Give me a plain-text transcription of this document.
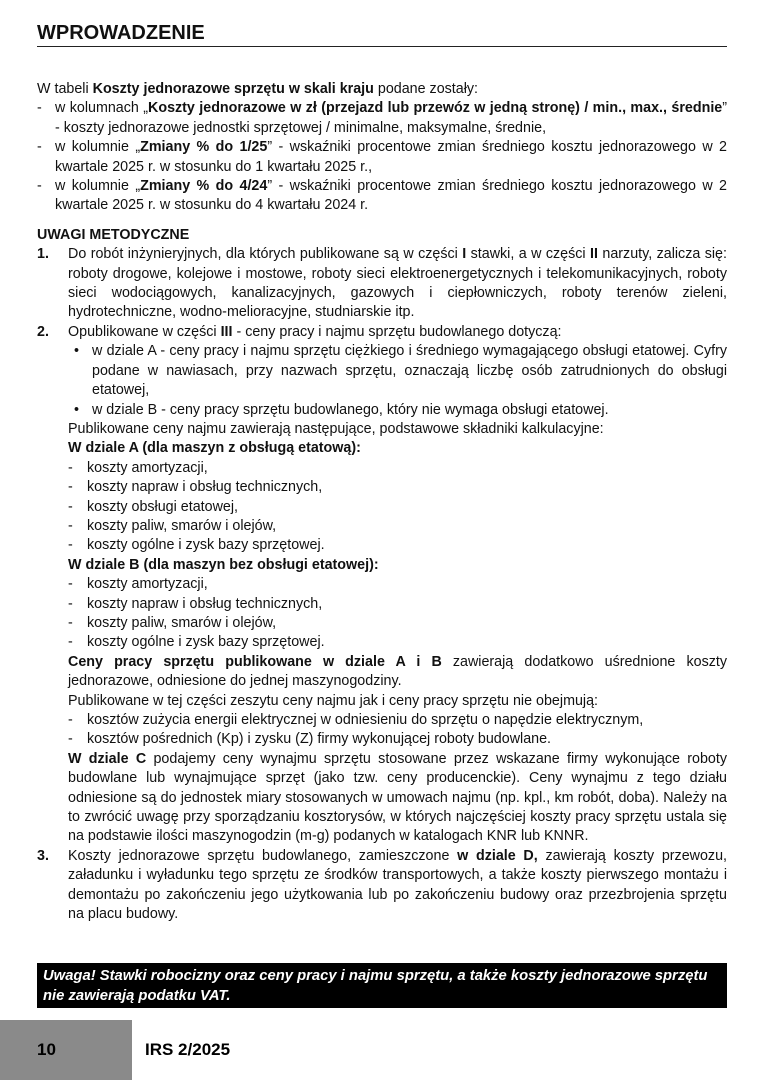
WPROWADZENIE

W tabeli Koszty jednorazowe sprzętu w skali kraju podane zostały:

- w kolumnach „Koszty jednorazowe w zł (przejazd lub przewóz w jedną stronę) / min., max., średnie” - koszty jednorazowe jednostki sprzętowej / minimalne, maksymalne, średnie,
- w kolumnie „Zmiany % do 1/25” - wskaźniki procentowe zmian średniego kosztu jednorazowego w 2 kwartale 2025 r. w stosunku do 1 kwartału 2025 r.,
- w kolumnie „Zmiany % do 4/24” - wskaźniki procentowe zmian średniego kosztu jednorazowego w 2 kwartale 2025 r. w stosunku do 4 kwartału 2024 r.
UWAGI METODYCZNE
1.	Do robót inżynieryjnych, dla których publikowane są w części I stawki, a w części II narzuty, zalicza się: roboty drogowe, kolejowe i mostowe, roboty sieci elektroenergetycznych i telekomunikacyjnych, roboty sieci wodociągowych, kanalizacyjnych, gazowych i ciepłowniczych, roboty terenów zieleni, hydrotechniczne, wodno-melioracyjne, studniarskie itp.
2.	Opublikowane w części III - ceny pracy i najmu sprzętu budowlanego dotyczą:
• w dziale A - ceny pracy i najmu sprzętu ciężkiego i średniego wymagającego obsługi etatowej. Cyfry podane w nawiasach, przy nazwach sprzętu, oznaczają liczbę osób zatrudnionych do obsługi etatowej,
• w dziale B - ceny pracy sprzętu budowlanego, który nie wymaga obsługi etatowej.

Publikowane ceny najmu zawierają następujące, podstawowe składniki kalkulacyjne:

W dziale A (dla maszyn z obsługą etatową):

- koszty amortyzacji,
- koszty napraw i obsług technicznych,
- koszty obsługi etatowej,
- koszty paliw, smarów i olejów,
- koszty ogólne i zysk bazy sprzętowej.

W dziale B (dla maszyn bez obsługi etatowej):

- koszty amortyzacji,
- koszty napraw i obsług technicznych,
- koszty paliw, smarów i olejów,
- koszty ogólne i zysk bazy sprzętowej.

Ceny pracy sprzętu publikowane w dziale A i B zawierają dodatkowo uśrednione koszty jednorazowe, odniesione do jednej maszynogodziny.

Publikowane w tej części zeszytu ceny najmu jak i ceny pracy sprzętu nie obejmują:

- kosztów zużycia energii elektrycznej w odniesieniu do sprzętu o napędzie elektrycznym,
- kosztów pośrednich (Kp) i zysku (Z) firmy wykonującej roboty budowlane.

W dziale C podajemy ceny wynajmu sprzętu stosowane przez wskazane firmy wykonujące roboty budowlane lub wynajmujące sprzęt (jako tzw. ceny producenckie). Ceny wynajmu z tego działu odniesione są do jednostek miary stosowanych w umowach najmu (np. kpl., km robót, doba). Należy na to zwrócić uwagę przy sporządzaniu kosztorysów, w których najczęściej koszty pracy sprzętu ustala się na podstawie ilości maszynogodzin (m-g) podanych w katalogach KNR lub KNNR.

3.	Koszty jednorazowe sprzętu budowlanego, zamieszczone w dziale D, zawierają koszty przewozu, załadunku i wyładunku tego sprzętu ze środków transportowych, a także koszty pierwszego montażu i demontażu po zakończeniu jego użytkowania lub po zakończeniu budowy oraz przezbrojenia sprzętu na placu budowy.
Uwaga! Stawki robocizny oraz ceny pracy i najmu sprzętu, a także koszty jednorazowe sprzętu nie zawierają podatku VAT.
10	IRS 2/2025
